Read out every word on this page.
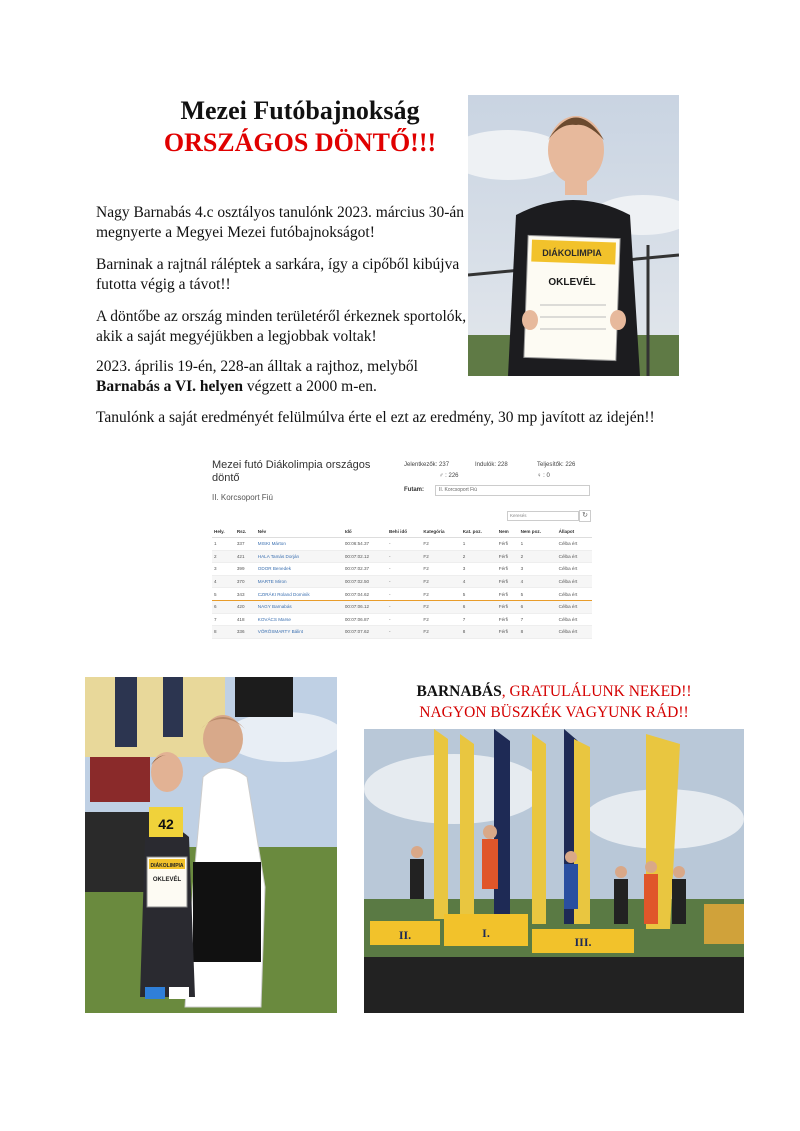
Mezei Futóbajnokság
ORSZÁGOS DÖNTŐ!!!
Nagy Barnabás 4.c osztályos tanulónk 2023. március 30-án megnyerte a Megyei Mezei futóbajnokságot!
Barninak a rajtnál ráléptek a sarkára, így a cipőből kibújva futotta végig a távot!!
A döntőbe az ország minden területéről érkeznek sportolók, akik a saját megyéjükben a legjobbak voltak!
2023. április 19-én, 228-an álltak a rajthoz, melyből
Barnabás a VI. helyen végzett a 2000 m-en.
Tanulónk a saját eredményét felülmúlva érte el ezt az eredmény, 30 mp javított az idején!!
DIÁKOLIMPIA
OKLEVÉL
Mezei futó Diákolimpia országos döntő
II. Korcsoport Fiú
Jelentkezők: 237	Indulók: 228	Teljesítők: 226
♂ : 226	♀ : 0
Futam:	II. Korcsoport Fiú
Keresés	↻
Hely.	Rsz.	Név	Idő	Behi idő	Kategória	Kat. poz.	Nem	Nem poz.	Állapot
1	337	MISKI Márton	00:06:54.37	-	F2	1	Férfi	1	Célba ért
2	421	HALA Tamás Dorján	00:07:02.12	-	F2	2	Férfi	2	Célba ért
3	399	ODOR Benedek	00:07:02.37	-	F2	3	Férfi	3	Célba ért
4	370	MARTE Miron	00:07:02.50	-	F2	4	Férfi	4	Célba ért
5	343	CZIRÁKI Roland Dominik	00:07:04.62	-	F2	5	Férfi	5	Célba ért
6	420	NAGY Barnabás	00:07:06.12	-	F2	6	Férfi	6	Célba ért
7	418	KOVÁCS Marse	00:07:06.87	-	F2	7	Férfi	7	Célba ért
8	336	VÖRÖSMARTY Bálint	00:07:07.62	-	F2	8	Férfi	8	Célba ért
42
DIÁKOLIMPIA
OKLEVÉL
BARNABÁS, GRATULÁLUNK NEKED!!
NAGYON BÜSZKÉK VAGYUNK RÁD!!
II.	I.
III.
